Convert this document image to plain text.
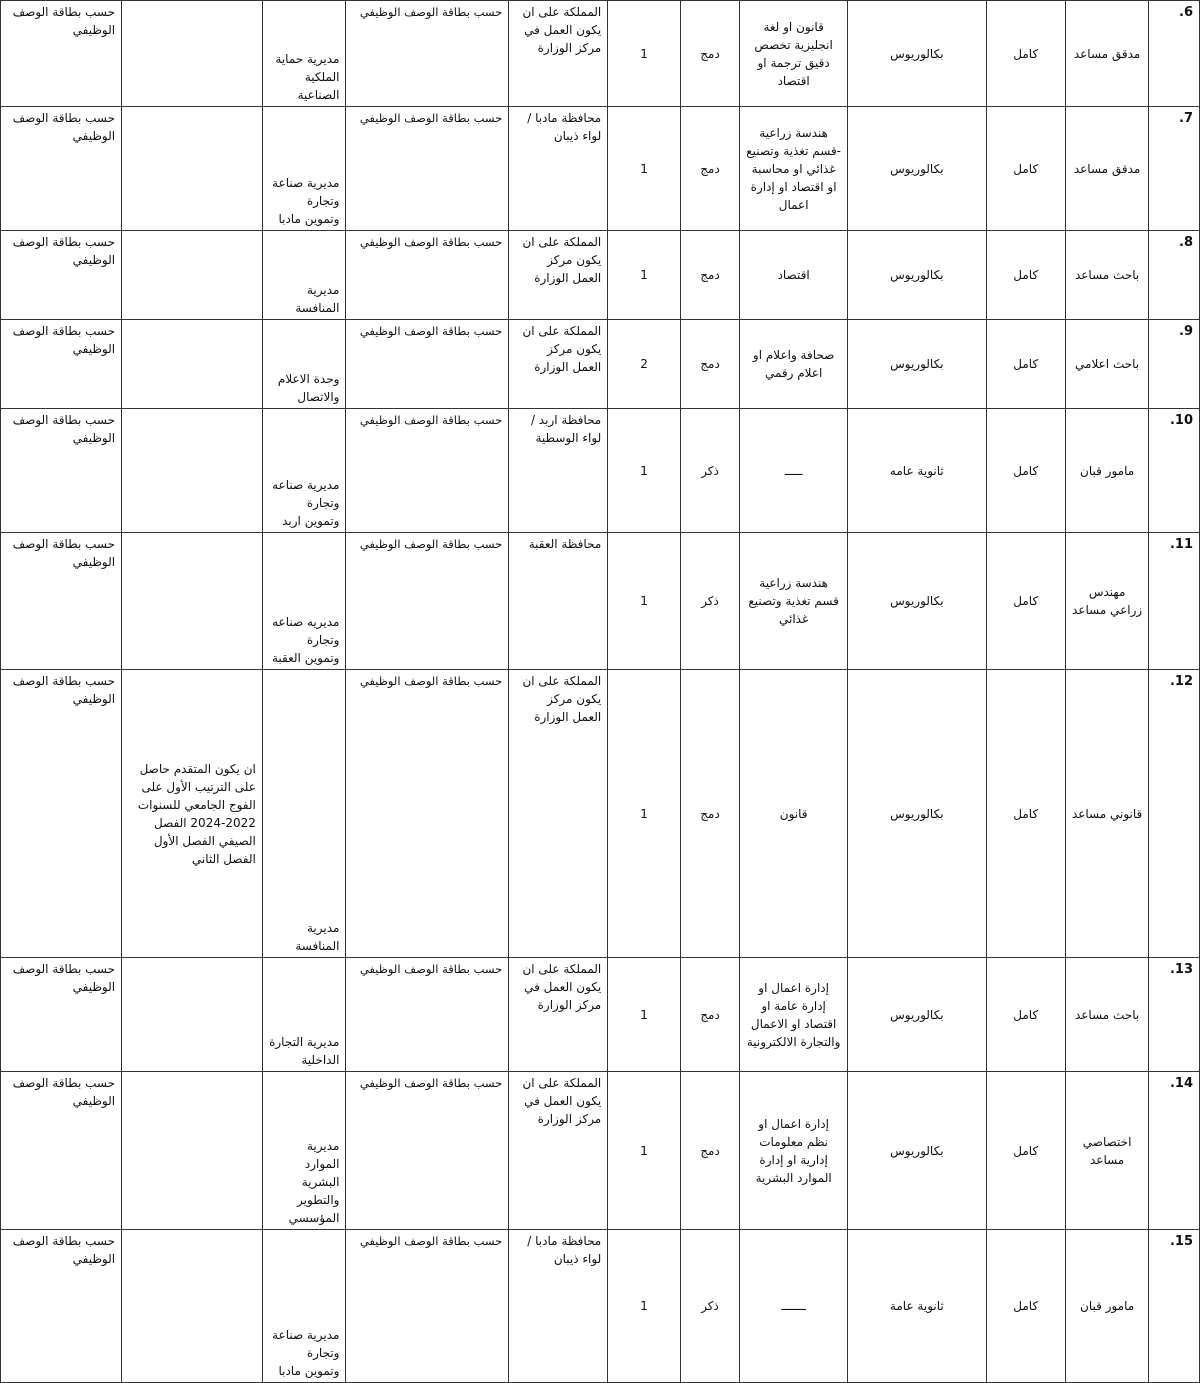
6.	مدقق مساعد	كامل	بكالوريوس	قانون او لغة انجليزية تخصص دقيق ترجمة او اقتصاد	دمج	1	المملكة على ان يكون العمل في مركز الوزارة	حسب بطاقة الوصف الوظيفي	مديرية حماية الملكية الصناعية		حسب بطاقة الوصف الوظيفي
7.	مدقق مساعد	كامل	بكالوريوس	هندسة زراعية -قسم تغذية وتصنيع غذائي او محاسبة او اقتصاد او إدارة اعمال	دمج	1	محافظة مادبا / لواء ذيبان	حسب بطاقة الوصف الوظيفي	مديرية صناعة وتجارة وتموين مادبا		حسب بطاقة الوصف الوظيفي
8.	باحث مساعد	كامل	بكالوريوس	اقتصاد	دمج	1	المملكة على ان يكون مركز العمل الوزارة	حسب بطاقة الوصف الوظيفي	مديرية المنافسة		حسب بطاقة الوصف الوظيفي
9.	باحث اعلامي	كامل	بكالوريوس	صحافة واعلام او اعلام رقمي	دمج	2	المملكة على ان يكون مركز العمل الوزارة	حسب بطاقة الوصف الوظيفي	وحدة الاعلام والاتصال		حسب بطاقة الوصف الوظيفي
10.	مامور قبان	كامل	ثانوية عامه	ـــــ	ذكر	1	محافظة اربد / لواء الوسطية	حسب بطاقة الوصف الوظيفي	مديرية صناعه وتجارة وتموين اربد		حسب بطاقة الوصف الوظيفي
11.	مهندس زراعي مساعد	كامل	بكالوريوس	هندسة زراعية قسم تغذية وتصنيع غذائي	ذكر	1	محافظة العقبة	حسب بطاقة الوصف الوظيفي	مديريه صناعه وتجارة وتموين العقبة		حسب بطاقة الوصف الوظيفي
12.	قانوني مساعد	كامل	بكالوريوس	قانون	دمج	1	المملكة على ان يكون مركز العمل الوزارة	حسب بطاقة الوصف الوظيفي	مديرية المنافسة	ان يكون المتقدم حاصل على الترتيب الأول على الفوج الجامعي للسنوات 2022-2024 الفصل الصيفي الفصل الأول الفصل الثاني	حسب بطاقة الوصف الوظيفي
13.	باحث مساعد	كامل	بكالوريوس	إدارة اعمال او إدارة عامة او اقتصاد او الاعمال والتجارة الالكترونية	دمج	1	المملكة على ان يكون العمل في مركز الوزارة	حسب بطاقة الوصف الوظيفي	مديرية التجارة الداخلية		حسب بطاقة الوصف الوظيفي
14.	اختصاصي مساعد	كامل	بكالوريوس	إدارة اعمال او نظم معلومات إدارية او إدارة الموارد البشرية	دمج	1	المملكة على ان يكون العمل في مركز الوزارة	حسب بطاقة الوصف الوظيفي	مديرية الموارد البشرية والتطوير المؤسسي		حسب بطاقة الوصف الوظيفي
15.	مامور قبان	كامل	ثانوية عامة	ـــــــ	ذكر	1	محافظة مادبا / لواء ذيبان	حسب بطاقة الوصف الوظيفي	مديرية صناعة وتجارة وتموين مادبا		حسب بطاقة الوصف الوظيفي
